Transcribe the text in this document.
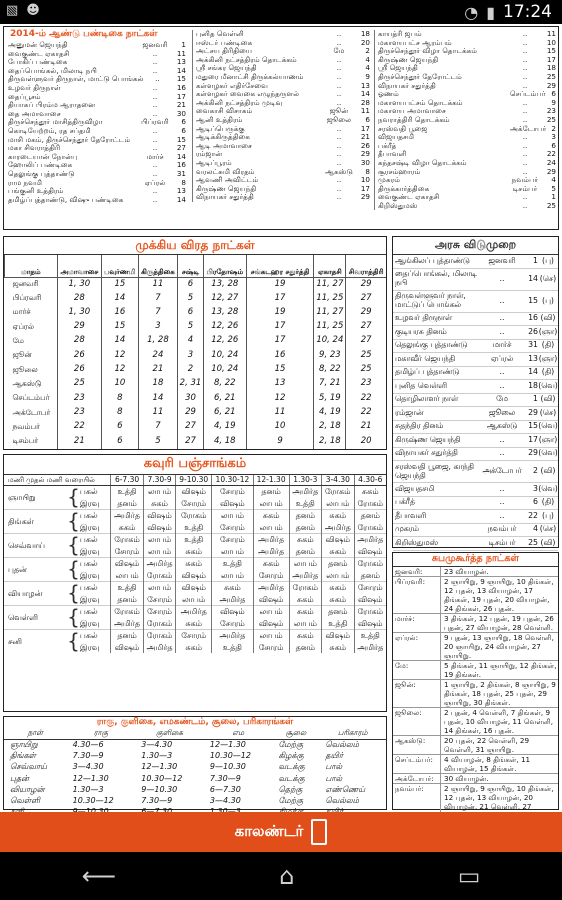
▧ ☻	◔ ▮ 17:24
2014-ம் ஆண்டு பண்டிகை நாட்கள்
அனுமன் ஜெயந்தி	ஜனவரி	1
வைகுண்ட ஏகாதசி	..	11
போகிப் பண்டிகை	..	13
தைப்பொங்கல், மிலாடி நபி	..	14
திருவள்ளுவர் திருநாள், மாட்டு பொங்கல்	..	15
உழவர் திருநாள்	..	16
தைப்பூசம்	..	17
தியாகப் பிரம்ம ஆராதனை	..	21
தை அமாவாசை	..	30
திருச்செந்தூர் மாசித்திருவிழா	பிப்ரவரி	6
கொடியேற்றம், ரத சப்தமி	..	6
மாசி மகம், திருச்செந்தூர் தேரோட்டம்	..	15
மகா சிவராத்திரி	..	27
காரடையான் நோன்பு	மார்ச்	14
ஹோலிப் பண்டிகை	..	16
தெலுங்கு புத்தாண்டு	..	31
ராம நவமி	ஏப்ரல்	8
பங்குனி உத்திரம்	..	13
தமிழ்ப்புத்தாண்டு, விஷு பண்டிகை	..	14
புனித வெள்ளி	..	18
ஈஸ்டர் பண்டிகை	..	20
அட்சய திரிதியை	மே	2
அக்கினி நட்சத்திரம் தொடக்கம்	..	4
ஸ்ரீ சங்கர ஜெயந்தி	..	4
மதுரை மீனாட்சி திருக்கல்யாணம்	..	9
கள்ளழகர் எதிர்சேவை	..	13
கள்ளழகர் வைகை எழுந்தருளல்	..	14
அக்கினி நட்சத்திரம் முடிவு	..	28
வைகாசி விசாகம்	ஜூன்	11
ஆனி உத்திரம்	ஜூலை	6
ஆடிப்பெருக்கு	..	17
ஆடிக்கிருத்திகை	..	21
ஆடி அமாவாசை	..	26
ரம்ஜான்	..	29
ஆடிப்பூரம்	..	30
வரலட்சுமி விரதம்	ஆகஸ்டு	8
ஆவணி அவிட்டம்	..	10
கிருஷ்ண ஜெயந்தி	..	17
விநாயகர் சதுர்த்தி	..	29
காயத்ரி ஜபம்	..	11
மகாளயபட்ச ஆரம்பம்	..	10
திருச்செந்தூர் விழா தொடக்கம்	..	15
கிருஷ்ண ஜெயந்தி	..	17
ஸ்ரீ ஜெயந்தி	..	18
திருச்செந்தூர் தேரோட்டம்	..	25
விநாயகர் சதுர்த்தி	..	29
ஓணம்	செப்டம்பர் 6
மகாளயபட்சம் தொடக்கம்	..	9
மகாளய அமாவாசை	..	23
நவராத்திரி தொடக்கம்	..	25
சரஸ்வதி பூஜை	அக்டோபர் 2
விஜயதசமி	..	3
பக்ரீத்	..	6
தீபாவளி	..	22
கந்தசஷ்டி விழா தொடக்கம்	..	24
சூரசம்ஹாரம்	..	29
முகரம்	நவம்பர்	4
திருக்கார்த்திகை	டிசம்பர்	5
வைகுண்ட ஏகாதசி	..	1
கிறிஸ்துமஸ்	..	25
முக்கிய விரத நாட்கள்
மாதம்	அமாவாசை	பவுர்ணமி	கிருத்திகை	சஷ்டி	பிரதோஷம்	சங்கடஹர சதுர்த்தி	ஏகாதசி	சிவராத்திரி
ஜனவரி	1, 30	15	11	6	13, 28	19	11, 27	29
பிப்ரவரி	28	14	7	5	12, 27	17	11, 25	27
மார்ச்	1, 30	16	7	6	13, 28	19	11, 27	29
ஏப்ரல்	29	15	3	5	12, 26	17	11, 25	27
மே	28	14	1, 28	4	12, 26	17	10, 24	27
ஜூன்	26	12	24	3	10, 24	16	9, 23	25
ஜூலை	26	12	21	2	10, 24	15	8, 22	25
ஆகஸ்டு	25	10	18	2, 31	8, 22	13	7, 21	23
செப்டம்பர்	23	8	14	30	6, 21	12	5, 19	22
அக்டோபர்	23	8	11	29	6, 21	11	4, 19	22
நவம்பர்	22	6	7	27	4, 19	10	2, 18	21
டிசம்பர்	21	6	5	27	4, 18	9	2, 18	20
கவுரி பஞ்சாங்கம்
மணி முதல் மணி வரையில்			6-7.30	7.30-9	9-10.30	10.30-12	12-1.30	1.30-3	3-4.30	4.30-6
ஞாயிறு	{	பகல்	உத்தி	லாபம்	விஷம்	சோரம்	தனம்	அமிர்த	ரோகம்	சுகம்
		இரவு	தனம்	சுகம்	சோரம்	விஷம்	லாபம்	உத்தி	லாபம்	ரோகம்
திங்கள்	{	பகல்	அமிர்த	விஷம்	ரோகம்	லாபம்	சுகம்	தனம்	சுகம்	தனம்
		இரவு	சுகம்	விஷம்	உத்தி	சோரம்	லாபம்	தனம்	அமிர்த	ரோகம்
செவ்வாய்	{	பகல்	ரோகம்	லாபம்	உத்தி	சோரம்	அமிர்த	சுகம்	விஷம்	அமிர்த
		இரவு	சோரம்	லாபம்	சுகம்	லாபம்	அமிர்த	தனம்	சுகம்	விஷம்
புதன்	{	பகல்	விஷம்	அமிர்த	சுகம்	உத்தி	சுகம்	லாபம்	தனம்	ரோகம்
		இரவு	லாபம்	ரோகம்	விஷம்	லாபம்	சோரம்	அமிர்த	லாபம்	தனம்
வியாழன்	{	பகல்	உத்தி	லாபம்	விஷம்	சுகம்	அமிர்த	ரோகம்	சுகம்	சோரம்
		இரவு	தனம்	சோரம்	லாபம்	அமிர்த	விஷம்	சுகம்	சுகம்	விஷம்
வெள்ளி	{	பகல்	ரோகம்	சோரம்	அமிர்த	விஷம்	லாபம்	சுகம்	தனம்	ரோகம்
		இரவு	அமிர்த	ரோகம்	சுகம்	சோரம்	விஷம்	லாபம்	உத்தி	விஷம்
சனி	{	பகல்	தனம்	ரோகம்	சோரம்	அமிர்த	லாபம்	சுகம்	விஷம்	உத்தி
		இரவு	விஷம்	அமிர்த	சுகம்	உத்தி	சோரம்	தனம்	சுகம்	அமிர்த
ராகு, குளிகை, எமகண்டம், சூலை, பரிகாரங்கள்
நாள்	ராகு	குளிகை	எம	சூலை	பரிகாரம்
ஞாயிறு	4.30—6	3—4.30	12—1.30	மேற்கு	வெல்லம்
திங்கள்	7.30—9	1.30—3	10.30—12	கிழக்கு	தயிர்
செவ்வாய்	3—4.30	12—1.30	9—10.30	வடக்கு	பால்
புதன்	12—1.30	10.30—12	7.30—9	வடக்கு	பால்
வியாழன்	1.30—3	9—10.30	6—7.30	தெற்கு	எண்ணெய்
வெள்ளி	10.30—12	7.30—9	3—4.30	மேற்கு	வெல்லம்

அரசு விடுமுறை
ஆங்கிலப் புத்தாண்டு	ஜனவரி	1 (பு)
தைப்பொங்கல், மிலாடி நபி	..	14 (செ)
திருவள்ளுவர் நாள், மாட்டுப் பொங்கல்	..	15 (பு)
உழவர் திருநாள்	..	16 (வி)
குடியரசு தினம்	..	26 (ஞா)
தெலுங்கு புத்தாண்டு	மார்ச்	31 (தி)
மகாவீர் ஜெயந்தி	ஏப்ரல்	13 (ஞா)
தமிழ்ப் புத்தாண்டு	..	14 (தி)
புனித வெள்ளி	..	18 (வெ)
தொழிலாளர் நாள்	மே	1 (வி)
ரம்ஜான்	ஜூலை	29 (செ)
சுதந்திர தினம்	ஆகஸ்டு	15 (வெ)
கிருஷ்ண ஜெயந்தி	..	17 (ஞா)
விநாயகர் சதுர்த்தி	..	29 (வெ)
சரஸ்வதி பூஜை, காந்தி ஜெயந்தி	அக்டோபர்	2 (வி)
விஜயதசமி	..	3 (வெ)
பக்ரீத்	..	6 (தி)
தீபாவளி	..	22 (பு)
முகரம்	நவம்பர்	4 (செ)
கிறிஸ்துமஸ்	டிசம்பர்	25 (வி)
சுபமுகூர்த்த நாட்கள்
ஜனவரி:	23 வியாழன்.
பிப்ரவரி:	2 ஞாயிறு, 9 ஞாயிறு, 10 திங்கள், 12 புதன், 13 வியாழன், 17 திங்கள், 19 புதன், 20 வியாழன், 24 திங்கள், 26 புதன்.
மார்ச்:	3 திங்கள், 12 புதன், 19 புதன், 26 புதன், 27 வியாழன், 28 வெள்ளி.
ஏப்ரல்:	9 புதன், 13 ஞாயிறு, 18 வெள்ளி, 20 ஞாயிறு, 24 வியாழன், 27 ஞாயிறு.
மே:	5 திங்கள், 11 ஞாயிறு, 12 திங்கள், 19 திங்கள்.
ஜூன்:	1 ஞாயிறு, 2 திங்கள், 8 ஞாயிறு, 9 திங்கள், 18 புதன், 25 புதன், 29 ஞாயிறு, 30 திங்கள்.
ஜூலை:	2 புதன், 4 வெள்ளி, 7 திங்கள், 9 புதன், 10 வியாழன், 11 வெள்ளி, 14 திங்கள், 16 புதன்.
ஆகஸ்டு:	20 புதன், 22 வெள்ளி, 29 வெள்ளி, 31 ஞாயிறு.
செப்டம்பர்:	4 வியாழன், 8 திங்கள், 11 வியாழன், 15 திங்கள்.
அக்டோபர்:	30 வியாழன்.
நவம்பர்:	2 ஞாயிறு, 9 ஞாயிறு, 10 திங்கள், 12 புதன், 13 வியாழன், 20 வியாழன், 21 வெள்ளி, 27
காலண்டர்
⟵	⌂	▭
